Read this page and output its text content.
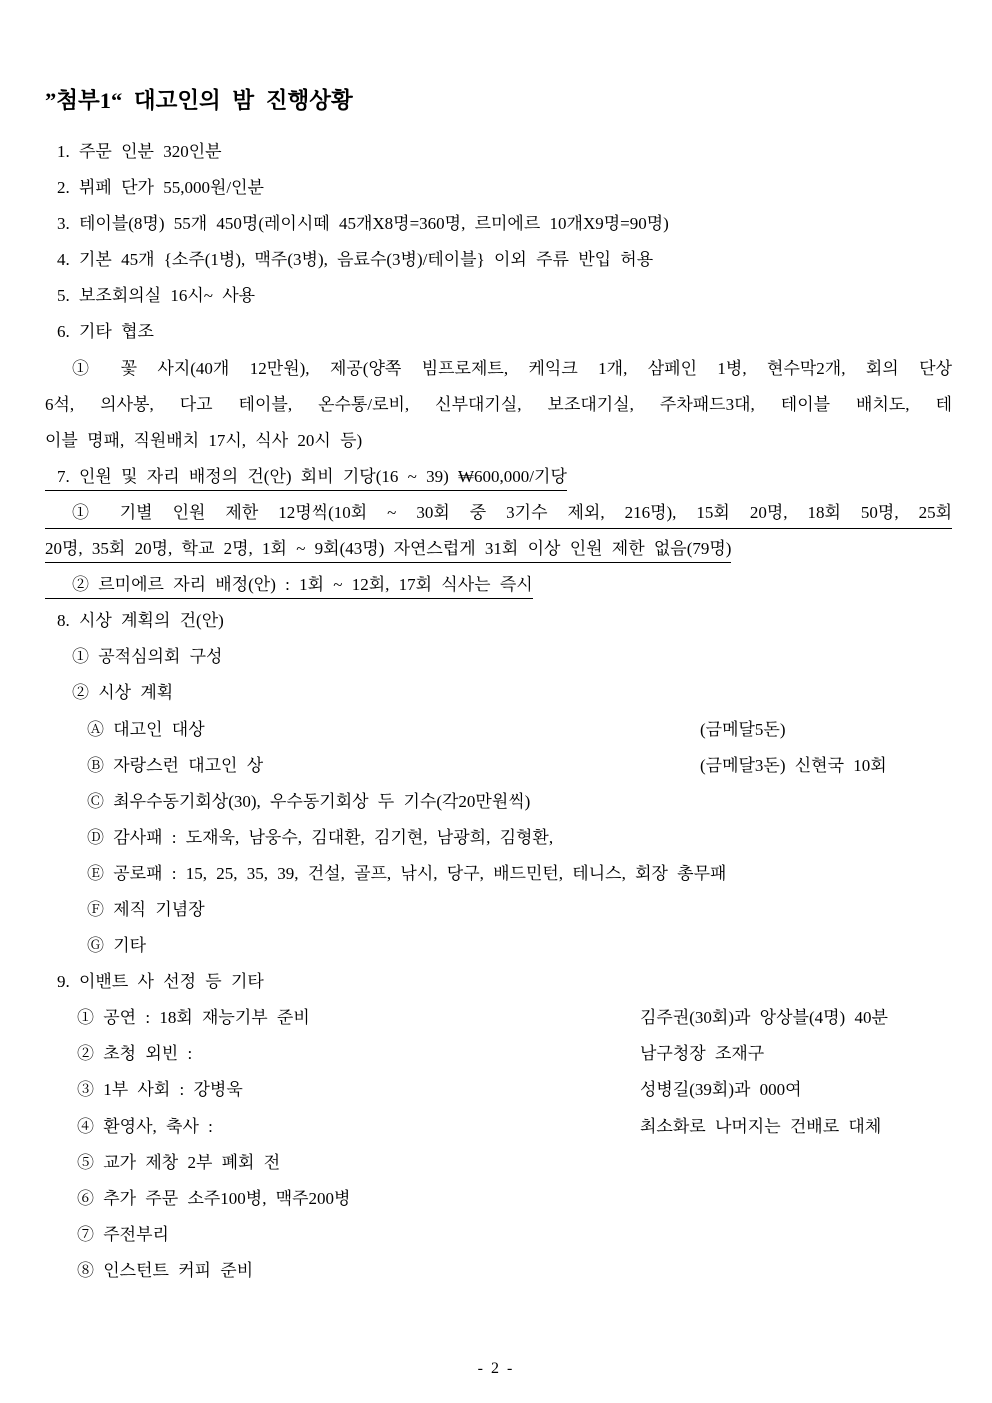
”첨부1“ 대고인의 밤 진행상황
1. 주문 인분 320인분
2. 뷔페 단가 55,000원/인분
3. 테이블(8명) 55개 450명(레이시떼 45개X8명=360명, 르미에르 10개X9명=90명)
4. 기본 45개 {소주(1병), 맥주(3병), 음료수(3병)/테이블} 이외 주류 반입 허용
5. 보조회의실 16시~ 사용
6. 기타 협조
① 꽃 사지(40개 12만원), 제공(양쪽 빔프로제트, 케익크 1개, 삼페인 1병, 현수막2개, 회의 단상
6석, 의사봉, 다고 테이블, 온수통/로비, 신부대기실, 보조대기실, 주차패드3대, 테이블 배치도, 테
이블 명패, 직원배치 17시, 식사 20시 등)
7. 인원 및 자리 배정의 건(안) 회비 기당(16 ~ 39) ₩600,000/기당
① 기별 인원 제한 12명씩(10회 ~ 30회 중 3기수 제외, 216명), 15회 20명, 18회 50명, 25회
20명, 35회 20명, 학교 2명, 1회 ~ 9회(43명) 자연스럽게 31회 이상 인원 제한 없음(79명)
② 르미에르 자리 배정(안) : 1회 ~ 12회, 17회 식사는 즉시
8. 시상 계획의 건(안)
① 공적심의회 구성
② 시상 계획
Ⓐ 대고인 대상	(금메달5돈)
Ⓑ 자랑스런 대고인 상	(금메달3돈) 신현국 10회
Ⓒ 최우수동기회상(30), 우수동기회상 두 기수(각20만원씩)
Ⓓ 감사패 : 도재욱, 남웅수, 김대환, 김기현, 남광희, 김형환,
Ⓔ 공로패 : 15, 25, 35, 39, 건설, 골프, 낚시, 당구, 배드민턴, 테니스, 회장 총무패
Ⓕ 제직 기념장
Ⓖ 기타
9. 이밴트 사 선정 등 기타
① 공연 : 18회 재능기부 준비	김주권(30회)과 앙상블(4명) 40분
② 초청 외빈 :	남구청장 조재구
③ 1부 사회 : 강병욱	성병길(39회)과 000여
④ 환영사, 축사 :	최소화로 나머지는 건배로 대체
⑤ 교가 제창 2부 폐회 전
⑥ 추가 주문 소주100병, 맥주200병
⑦ 주전부리
⑧ 인스턴트 커피 준비
- 2 -
